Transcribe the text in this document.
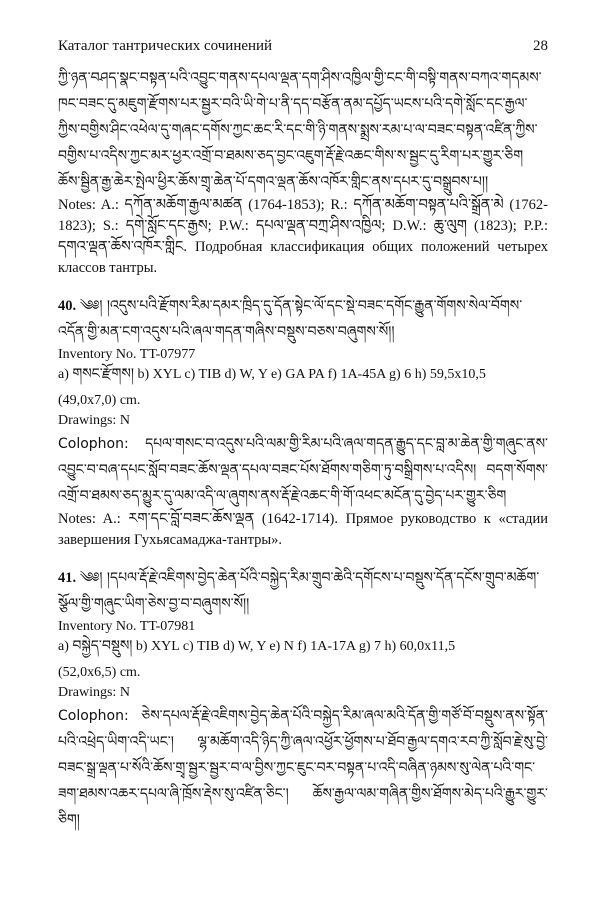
Каталог тантрических сочинений	28
ཀྱི་ཉན་བཤད་སྣང་བསྟན་པའི་འབྱུང་གནས་དཔལ་ལྡན་དག་ཤིས་འཁྱིལ་གྱི་ངང་གི་བསྟི་གནས་བཀའ་གདམས་ཁང་བཟང་དུ་མཇུག་རྫོགས་པར་སྦྱར་བའི་ཡི་གེ་པ་ནི་དད་བརྩོན་ནམ་དཔྱོད་ཡངས་པའི་དགེ་སློང་དང་རྒྱལ་ཀྱིས་བགྱིས་ཤིང་འཕེལ་དུ་གཞང་དགོས་ཀྱང་ཆང་རི་དང་གི་ཉི་གནས་སྨྲས་རམ་པ་ལ་བཟང་བསྟན་འཛིན་ཀྱིས་བགྱིས་པ་འདིས་ཀྱང་མར་ཕྱར་འགྲོ་བ་ཐམས་ཅད་བྱང་འཇུག་རྡོ་རྗེ་འཆང་གིས་ས་སྦྱང་དུ་རིག་པར་གྱུར་ཅིག ཆོས་སྦྱིན་རྒྱ་ཆེར་སྤེལ་ཕྱིར་ཆོས་གྲྭ་ཆེན་པོ་དགའ་ལྡན་ཆོས་འཁོར་གླིང་ནས་དཔར་དུ་བསྒྲུབས་པ།།

Notes: A.: དཀོན་མཆོག་རྒྱལ་མཚན (1764-1853); R.: དཀོན་མཆོག་བསྟན་པའི་སྒྲོན་མེ (1762-1823); S.: དགེ་སློང་དང་རྒྱས; P.W.: དཔལ་ལྡན་བཀྲ་ཤིས་འཁྱིལ; D.W.: ཆུ་ལུག (1823); P.P.: དགའ་ལྡན་ཆོས་འཁོར་གླིང. Подробная классификация общих положений четырех классов тантры.

40. ༄༅། །འདུས་པའི་རྫོགས་རིམ་དམར་ཁྲིད་དུ་དོན་སྟེང་ལོ་དང་སྡེ་བཟང་དགོང་རྒྱུན་གོགས་སེལ་བོགས་འདོན་གྱི་མན་ངག་འདུས་པའི་ཞལ་གདན་གཞིས་བསྡུས་བཅས་བཞུགས་སོ།།
Inventory No. TT-07977
a) གསང་རྫོགས། b) XYL c) TIB d) W, Y e) GA PA f) 1A-45A g) 6 h) 59,5x10,5
(49,0x7,0) cm.
Drawings: N
Colophon: དཔལ་གསང་བ་འདུས་པའི་ལམ་གྱི་རིམ་པའི་ཞལ་གདན་རྒྱུད་དང་བླ་མ་ཆེན་གྱི་གཞུང་ནས་འབྱུང་བ་བཞ་དཔང་སློབ་བཟང་ཆོས་ལྡན་དཔལ་བཟང་པོས་ཐོགས་གཅིག་ཏུ་བསྒྲིགས་པ་འདིས། བདག་སོགས་འགྲོ་བ་ཐམས་ཅད་མྱུར་དུ་ལམ་འདི་ལ་ཞུགས་ནས་རྡོ་རྗེ་འཆང་གི་གོ་འཕང་མངོན་དུ་བྱེད་པར་གྱུར་ཅིག

Notes: A.: རག་དང་བློ་བཟང་ཆོས་ལྡན (1642-1714). Прямое руководство к «стадии завершения Гухьясамаджа-тантры».

41. ༄༅། །དཔལ་རྡོ་རྗེ་འཇིགས་བྱེད་ཆེན་པོའི་བསྐྱེད་རིམ་གྲུབ་ཆེའི་དགོངས་པ་བསྡུས་དོན་དངོས་གྲུབ་མཆོག་སྩོལ་གྱི་གཞུང་ཡིག་ཅེས་བྱ་བ་བཞུགས་སོ།།
Inventory No. TT-07981
a) བསྐྱེད་བསྡུས། b) XYL c) TIB d) W, Y e) N f) 1A-17A g) 7 h) 60,0x11,5
(52,0x6,5) cm.
Drawings: N
Colophon: ཅེས་དཔལ་རྡོ་རྗེ་འཇིགས་བྱེད་ཆེན་པོའི་བསྐྱེད་རིམ་ཞལ་མའི་དོན་གྱི་གཙོ་བོ་བསྡུས་ནས་སྟོན་པའི་འཕྲེད་ཡིག་འདི་ཡང་། ལྷ་མཆོག་འདི་ཉིད་ཀྱི་ཞལ་འཕྱོར་ཕྱོགས་པ་ཐོབ་རྒྱལ་དགའ་རབ་ཀྱི་སློབ་རྗེ་སུ་བྱེ་བཟང་སྒྲ་ལྡན་པ་སོའི་ཆོས་གྲྭ་སྦྱར་སྦྱར་བ་ལ་བྱིས་ཀྱང་ཇུང་བར་བསྟན་པ་འདི་བཞིན་ཉམས་སུ་ལེན་པའི་གང་ཟག་ཐམས་འཆར་དཔལ་ཞི་ཁྲོས་རྡེས་སུ་འཛིན་ཅིང་། ཆོས་རྒྱལ་ལམ་གཞིན་གྱིས་ཐོགས་མེད་པའི་རྒྱུར་གྱུར་ཅིག།
